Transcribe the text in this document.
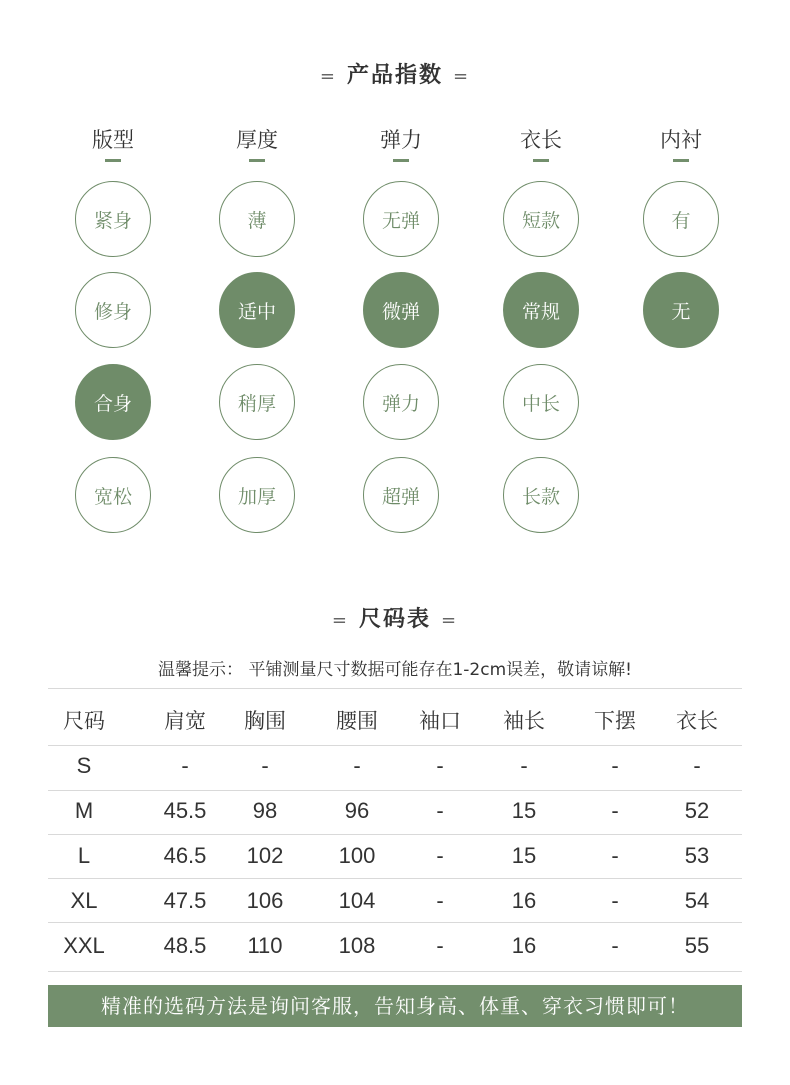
= 产品指数 =
版型
紧身
修身
合身
宽松
厚度
薄
适中
稍厚
加厚
弹力
无弹
微弹
弹力
超弹
衣长
短款
常规
中长
长款
内衬
有
无
= 尺码表 =
温馨提示： 平铺测量尺寸数据可能存在1-2cm误差，敬请谅解!
尺码	肩宽	胸围	腰围	袖口	袖长	下摆	衣长
S	-	-	-	-	-	-	-
M	45.5	98	96	-	15	-	52
L	46.5	102	100	-	15	-	53
XL	47.5	106	104	-	16	-	54
XXL	48.5	110	108	-	16	-	55
精准的选码方法是询问客服，告知身高、体重、穿衣习惯即可！
